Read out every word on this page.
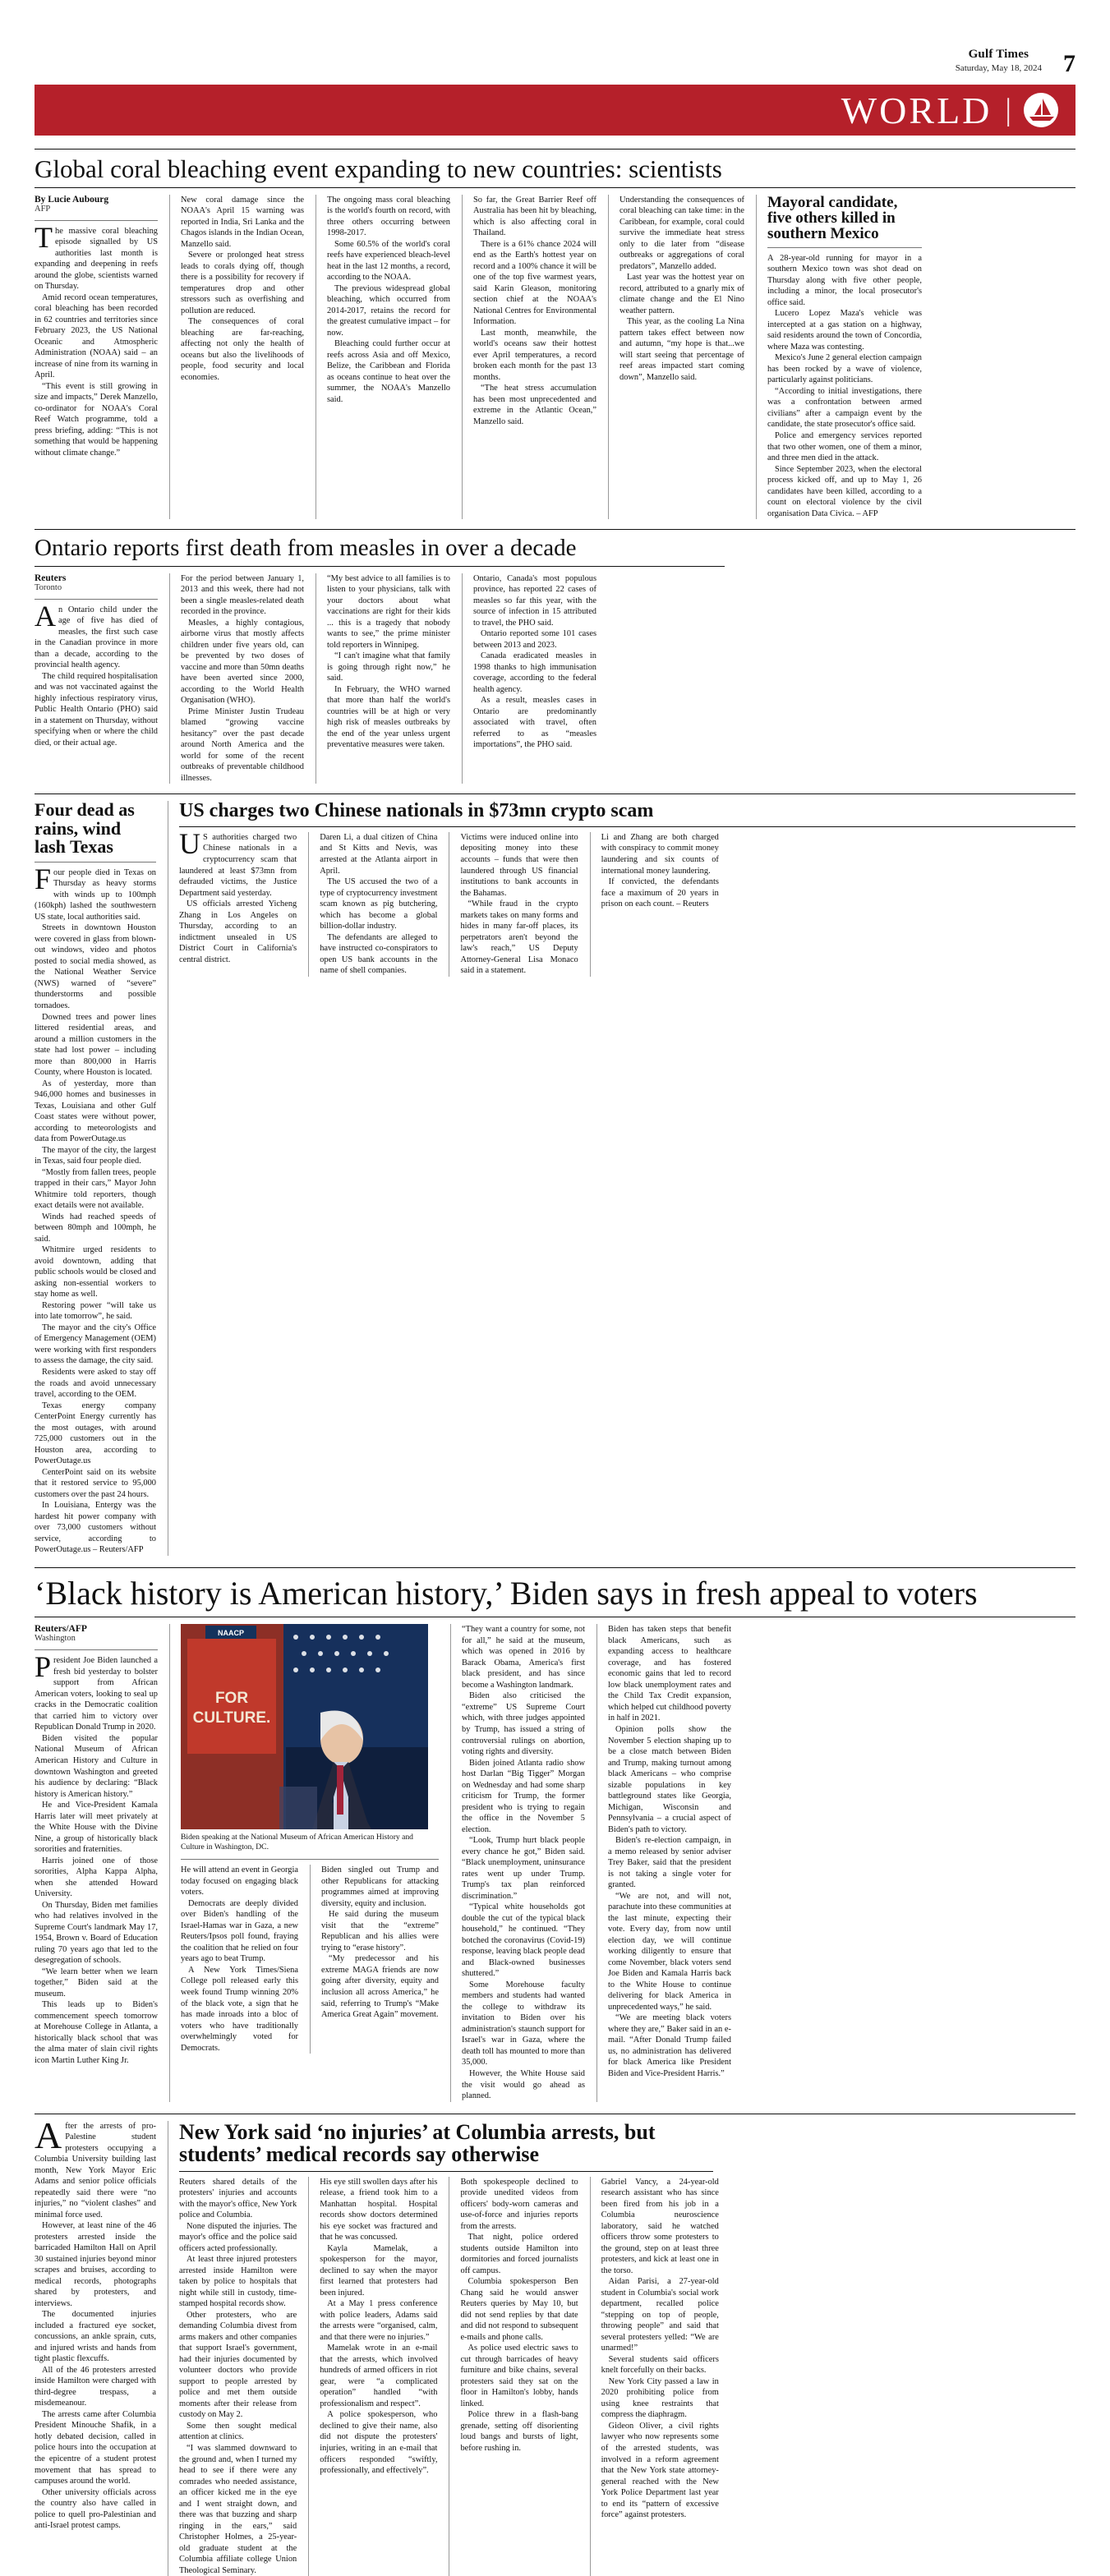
Gulf Times
Saturday, May 18, 2024 7
WORLD |
Global coral bleaching event expanding to new countries: scientists
By Lucie Aubourg
AFP

The massive coral bleaching episode signalled by US authorities last month is expanding and deepening in reefs around the globe, scientists warned on Thursday.

Amid record ocean temperatures, coral bleaching has been recorded in 62 countries and territories since February 2023, the US National Oceanic and Atmospheric Administration (NOAA) said – an increase of nine from its warning in April.

“This event is still growing in size and impacts,” Derek Manzello, co-ordinator for NOAA's Coral Reef Watch programme, told a press briefing, adding: “This is not something that would be happening without climate change.”

New coral damage since the NOAA's April 15 warning was reported in India, Sri Lanka and the Chagos islands in the Indian Ocean, Manzello said.

Severe or prolonged heat stress leads to corals dying off, though there is a possibility for recovery if temperatures drop and other stressors such as overfishing and pollution are reduced.

The consequences of coral bleaching are far-reaching, affecting not only the health of oceans but also the livelihoods of people, food security and local economies.

The ongoing mass coral bleaching is the world's fourth on record, with three others occurring between 1998-2017.

Some 60.5% of the world's coral reefs have experienced bleach-level heat in the last 12 months, a record, according to the NOAA.

The previous widespread global bleaching, which occurred from 2014-2017, retains the record for the greatest cumulative impact – for now.

Bleaching could further occur at reefs across Asia and off Mexico, Belize, the Caribbean and Florida as oceans continue to heat over the summer, the NOAA's Manzello said.

So far, the Great Barrier Reef off Australia has been hit by bleaching, which is also affecting coral in Thailand.

There is a 61% chance 2024 will end as the Earth's hottest year on record and a 100% chance it will be one of the top five warmest years, said Karin Gleason, monitoring section chief at the NOAA's National Centres for Environmental Information.

Last month, meanwhile, the world's oceans saw their hottest ever April temperatures, a record broken each month for the past 13 months.

“The heat stress accumulation has been most unprecedented and extreme in the Atlantic Ocean,” Manzello said.

Understanding the consequences of coral bleaching can take time: in the Caribbean, for example, coral could survive the immediate heat stress only to die later from “disease outbreaks or aggregations of coral predators”, Manzello added.

Last year was the hottest year on record, attributed to a gnarly mix of climate change and the El Nino weather pattern.

This year, as the cooling La Nina pattern takes effect between now and autumn, “my hope is that...we will start seeing that percentage of reef areas impacted start coming down”, Manzello said.

Mayoral candidate, five others killed in southern Mexico

A 28-year-old running for mayor in a southern Mexico town was shot dead on Thursday along with five other people, including a minor, the local prosecutor's office said.

Lucero Lopez Maza's vehicle was intercepted at a gas station on a highway, said residents around the town of Concordia, where Maza was contesting.

Mexico's June 2 general election campaign has been rocked by a wave of violence, particularly against politicians.

“According to initial investigations, there was a confrontation between armed civilians” after a campaign event by the candidate, the state prosecutor's office said.

Police and emergency services reported that two other women, one of them a minor, and three men died in the attack.

Since September 2023, when the electoral process kicked off, and up to May 1, 26 candidates have been killed, according to a count on electoral violence by the civil organisation Data Civica. – AFP

Ontario reports first death from measles in over a decade
Reuters
Toronto

An Ontario child under the age of five has died of measles, the first such case in the Canadian province in more than a decade, according to the provincial health agency.

The child required hospitalisation and was not vaccinated against the highly infectious respiratory virus, Public Health Ontario (PHO) said in a statement on Thursday, without specifying when or where the child died, or their actual age.

For the period between January 1, 2013 and this week, there had not been a single measles-related death recorded in the province.

Measles, a highly contagious, airborne virus that mostly affects children under five years old, can be prevented by two doses of vaccine and more than 50mn deaths have been averted since 2000, according to the World Health Organisation (WHO).

Prime Minister Justin Trudeau blamed “growing vaccine hesitancy” over the past decade around North America and the world for some of the recent outbreaks of preventable childhood illnesses.

“My best advice to all families is to listen to your physicians, talk with your doctors about what vaccinations are right for their kids ... this is a tragedy that nobody wants to see,” the prime minister told reporters in Winnipeg.

“I can't imagine what that family is going through right now,” he said.

In February, the WHO warned that more than half the world's countries will be at high or very high risk of measles outbreaks by the end of the year unless urgent preventative measures were taken.

Ontario, Canada's most populous province, has reported 22 cases of measles so far this year, with the source of infection in 15 attributed to travel, the PHO said.

Ontario reported some 101 cases between 2013 and 2023.

Canada eradicated measles in 1998 thanks to high immunisation coverage, according to the federal health agency.

As a result, measles cases in Ontario are predominantly associated with travel, often referred to as “measles importations”, the PHO said.

Four dead as rains, wind lash Texas

Four people died in Texas on Thursday as heavy storms with winds up to 100mph (160kph) lashed the southwestern US state, local authorities said.

Streets in downtown Houston were covered in glass from blown-out windows, video and photos posted to social media showed, as the National Weather Service (NWS) warned of “severe” thunderstorms and possible tornadoes.

Downed trees and power lines littered residential areas, and around a million customers in the state had lost power – including more than 800,000 in Harris County, where Houston is located.

As of yesterday, more than 946,000 homes and businesses in Texas, Louisiana and other Gulf Coast states were without power, according to meteorologists and data from PowerOutage.us

The mayor of the city, the largest in Texas, said four people died.

“Mostly from fallen trees, people trapped in their cars,” Mayor John Whitmire told reporters, though exact details were not available.

Winds had reached speeds of between 80mph and 100mph, he said.

Whitmire urged residents to avoid downtown, adding that public schools would be closed and asking non-essential workers to stay home as well.

Restoring power “will take us into late tomorrow”, he said.

The mayor and the city's Office of Emergency Management (OEM) were working with first responders to assess the damage, the city said.

Residents were asked to stay off the roads and avoid unnecessary travel, according to the OEM.

Texas energy company CenterPoint Energy currently has the most outages, with around 725,000 customers out in the Houston area, according to PowerOutage.us

CenterPoint said on its website that it restored service to 95,000 customers over the past 24 hours.

In Louisiana, Entergy was the hardest hit power company with over 73,000 customers without service, according to PowerOutage.us – Reuters/AFP

US charges two Chinese nationals in $73mn crypto scam

US authorities charged two Chinese nationals in a cryptocurrency scam that laundered at least $73mn from defrauded victims, the Justice Department said yesterday.

US officials arrested Yicheng Zhang in Los Angeles on Thursday, according to an indictment unsealed in US District Court in California's central district.

Daren Li, a dual citizen of China and St Kitts and Nevis, was arrested at the Atlanta airport in April.

The US accused the two of a type of cryptocurrency investment scam known as pig butchering, which has become a global billion-dollar industry.

The defendants are alleged to have instructed co-conspirators to open US bank accounts in the name of shell companies.

Victims were induced online into depositing money into these accounts – funds that were then laundered through US financial institutions to bank accounts in the Bahamas.

“While fraud in the crypto markets takes on many forms and hides in many far-off places, its perpetrators aren't beyond the law's reach,” US Deputy Attorney-General Lisa Monaco said in a statement.

Li and Zhang are both charged with conspiracy to commit money laundering and six counts of international money laundering.

If convicted, the defendants face a maximum of 20 years in prison on each count. – Reuters

‘Black history is American history,’ Biden says in fresh appeal to voters
Reuters/AFP
Washington

President Joe Biden launched a fresh bid yesterday to bolster support from African American voters, looking to seal up cracks in the Democratic coalition that carried him to victory over Republican Donald Trump in 2020.

Biden visited the popular National Museum of African American History and Culture in downtown Washington and greeted his audience by declaring: “Black history is American history.”

He and Vice-President Kamala Harris later will meet privately at the White House with the Divine Nine, a group of historically black sororities and fraternities.

Harris joined one of those sororities, Alpha Kappa Alpha, when she attended Howard University.

On Thursday, Biden met families who had relatives involved in the Supreme Court's landmark May 17, 1954, Brown v. Board of Education ruling 70 years ago that led to the desegregation of schools.

“We learn better when we learn together,” Biden said at the museum.

This leads up to Biden's commencement speech tomorrow at Morehouse College in Atlanta, a historically black school that was the alma mater of slain civil rights icon Martin Luther King Jr.

FOR
CULTURE.
NAACP
Biden speaking at the National Museum of African American History and Culture in Washington, DC.

He will attend an event in Georgia today focused on engaging black voters.

Democrats are deeply divided over Biden's handling of the Israel-Hamas war in Gaza, a new Reuters/Ipsos poll found, fraying the coalition that he relied on four years ago to beat Trump.

A New York Times/Siena College poll released early this week found Trump winning 20% of the black vote, a sign that he has made inroads into a bloc of voters who have traditionally overwhelmingly voted for Democrats.

Biden singled out Trump and other Republicans for attacking programmes aimed at improving diversity, equity and inclusion.

He said during the museum visit that the “extreme” Republican and his allies were trying to “erase history”.

“My predecessor and his extreme MAGA friends are now going after diversity, equity and inclusion all across America,” he said, referring to Trump's “Make America Great Again” movement.

“They want a country for some, not for all,” he said at the museum, which was opened in 2016 by Barack Obama, America's first black president, and has since become a Washington landmark.

Biden also criticised the “extreme” US Supreme Court which, with three judges appointed by Trump, has issued a string of controversial rulings on abortion, voting rights and diversity.

Biden joined Atlanta radio show host Darlan “Big Tigger” Morgan on Wednesday and had some sharp criticism for Trump, the former president who is trying to regain the office in the November 5 election.

“Look, Trump hurt black people every chance he got,” Biden said. “Black unemployment, uninsurance rates went up under Trump. Trump's tax plan reinforced discrimination.”

“Typical white households got double the cut of the typical black household,” he continued. “They botched the coronavirus (Covid-19) response, leaving black people dead and Black-owned businesses shuttered.”

Some Morehouse faculty members and students had wanted the college to withdraw its invitation to Biden over his administration's staunch support for Israel's war in Gaza, where the death toll has mounted to more than 35,000.

However, the White House said the visit would go ahead as planned.

Biden has taken steps that benefit black Americans, such as expanding access to healthcare coverage, and has fostered economic gains that led to record low black unemployment rates and the Child Tax Credit expansion, which helped cut childhood poverty in half in 2021.

Opinion polls show the November 5 election shaping up to be a close match between Biden and Trump, making turnout among black Americans – who comprise sizable populations in key battleground states like Georgia, Michigan, Wisconsin and Pennsylvania – a crucial aspect of Biden's path to victory.

Biden's re-election campaign, in a memo released by senior adviser Trey Baker, said that the president is not taking a single voter for granted.

“We are not, and will not, parachute into these communities at the last minute, expecting their vote. Every day, from now until election day, we will continue working diligently to ensure that come November, black voters send Joe Biden and Kamala Harris back to the White House to continue delivering for black America in unprecedented ways,” he said.

“We are meeting black voters where they are,” Baker said in an e-mail. “After Donald Trump failed us, no administration has delivered for black America like President Biden and Vice-President Harris.”

After the arrests of pro-Palestine student protesters occupying a Columbia University building last month, New York Mayor Eric Adams and senior police officials repeatedly said there were “no injuries,” no “violent clashes” and minimal force used.

However, at least nine of the 46 protesters arrested inside the barricaded Hamilton Hall on April 30 sustained injuries beyond minor scrapes and bruises, according to medical records, photographs shared by protesters, and interviews.

The documented injuries included a fractured eye socket, concussions, an ankle sprain, cuts, and injured wrists and hands from tight plastic flexcuffs.

All of the 46 protesters arrested inside Hamilton were charged with third-degree trespass, a misdemeanour.

The arrests came after Columbia President Minouche Shafik, in a hotly debated decision, called in police hours into the occupation at the epicentre of a student protest movement that has spread to campuses around the world.

Other university officials across the country also have called in police to quell pro-Palestinian and anti-Israel protest camps.

New York said ‘no injuries’ at Columbia arrests, but students’ medical records say otherwise

Reuters shared details of the protesters' injuries and accounts with the mayor's office, New York police and Columbia.

None disputed the injuries. The mayor's office and the police said officers acted professionally.

At least three injured protesters arrested inside Hamilton were taken by police to hospitals that night while still in custody, time-stamped hospital records show.

Other protesters, who are demanding Columbia divest from arms makers and other companies that support Israel's government, had their injuries documented by volunteer doctors who provide support to people arrested by police and met them outside moments after their release from custody on May 2.

Some then sought medical attention at clinics.

“I was slammed downward to the ground and, when I turned my head to see if there were any comrades who needed assistance, an officer kicked me in the eye and I went straight down, and there was that buzzing and sharp ringing in the ears,” said Christopher Holmes, a 25-year-old graduate student at the Columbia affiliate college Union Theological Seminary.

His eye still swollen days after his release, a friend took him to a Manhattan hospital. Hospital records show doctors determined his eye socket was fractured and that he was concussed.

Kayla Mamelak, a spokesperson for the mayor, declined to say when the mayor first learned that protesters had been injured.

At a May 1 press conference with police leaders, Adams said the arrests were “organised, calm, and that there were no injuries.”

Mamelak wrote in an e-mail that the arrests, which involved hundreds of armed officers in riot gear, were “a complicated operation” handled “with professionalism and respect”.

A police spokesperson, who declined to give their name, also did not dispute the protesters' injuries, writing in an e-mail that officers responded “swiftly, professionally, and effectively”.

Both spokespeople declined to provide unedited videos from officers' body-worn cameras and use-of-force and injuries reports from the arrests.

That night, police ordered students outside Hamilton into dormitories and forced journalists off campus.

Columbia spokesperson Ben Chang said he would answer Reuters queries by May 10, but did not send replies by that date and did not respond to subsequent e-mails and phone calls.

As police used electric saws to cut through barricades of heavy furniture and bike chains, several protesters said they sat on the floor in Hamilton's lobby, hands linked.

Police threw in a flash-bang grenade, setting off disorienting loud bangs and bursts of light, before rushing in.

Gabriel Vancy, a 24-year-old research assistant who has since been fired from his job in a Columbia neuroscience laboratory, said he watched officers throw some protesters to the ground, step on at least three protesters, and kick at least one in the torso.

Aidan Parisi, a 27-year-old student in Columbia's social work department, recalled police “stepping on top of people, throwing people” and said that several protesters yelled: “We are unarmed!”

Several students said officers knelt forcefully on their backs.

New York City passed a law in 2020 prohibiting police from using knee restraints that compress the diaphragm.

Gideon Oliver, a civil rights lawyer who now represents some of the arrested students, was involved in a reform agreement that the New York state attorney-general reached with the New York Police Department last year to end its “pattern of excessive force” against protesters.
